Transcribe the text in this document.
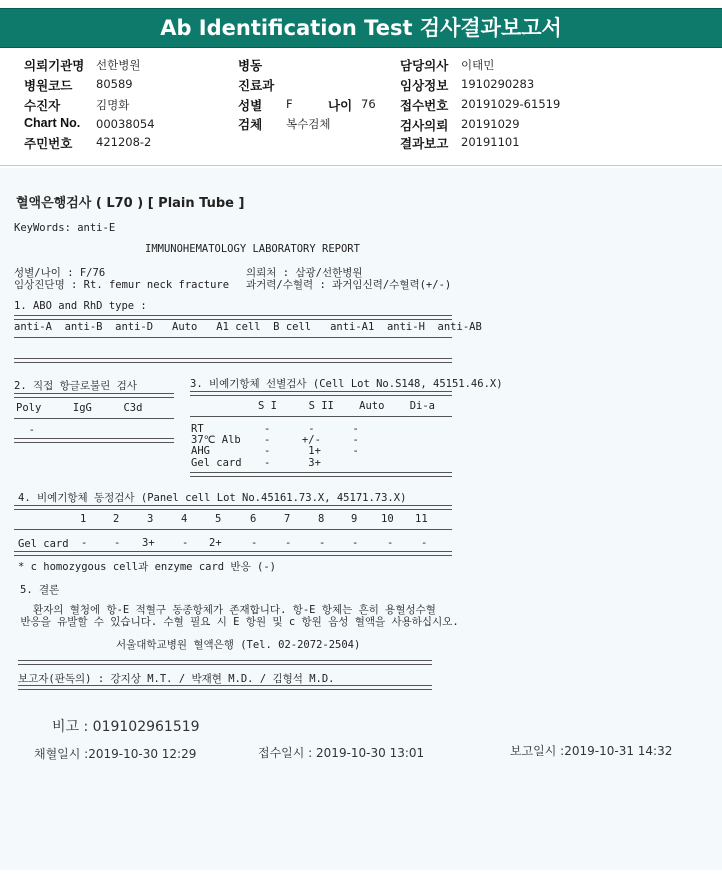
Ab Identification Test 검사결과보고서
의뢰기관명 선한병원
병원코드 80589
수진자	김명화
Chart No. 00038054
주민번호 421208-2
병동
진료과
성별 F	나이 76
검체 복수검체
담당의사 이태민
임상정보 1910290283
접수번호 20191029-61519
검사의뢰 20191029
결과보고 20191101
혈액은행검사 ( L70 ) [ Plain Tube ]
KeyWords: anti-E
IMMUNOHEMATOLOGY LABORATORY REPORT
성별/나이 : F/76
임상진단명 : Rt. femur neck fracture
의뢰처 : 삼광/선한병원
과거력/수혈력 : 과거임신력/수혈력(+/-)
1. ABO and RhD type :
anti-A  anti-B  anti-D   Auto   A1 cell  B cell   anti-A1  anti-H  anti-AB
2. 직접 항글로불린 검사
Poly     IgG     C3d
-
3. 비예기항체 선별검사 (Cell Lot No.S148, 45151.46.X)
S I     S II    Auto    Di-a
RT	-      -      -
37℃ Alb -     +/-     -
AHG	-      1+     -
Gel card -      3+
4. 비예기항체 동정검사 (Panel cell Lot No.45161.73.X, 45171.73.X)
1	2	3	4	5	6	7	8	9 10 11
Gel card -	- 3+	- 2+	-	-	-	-	-	-
* c homozygous cell과 enzyme card 반응 (-)
5. 결론
환자의 혈청에 항-E 적혈구 동종항체가 존재합니다. 항-E 항체는 흔히 용혈성수혈
반응을 유발할 수 있습니다. 수혈 필요 시 E 항원 및 c 항원 음성 혈액을 사용하십시오.
서울대학교병원 혈액은행 (Tel. 02-2072-2504)
보고자(판독의) : 강지상 M.T. / 박재현 M.D. / 김형석 M.D.
비고 : 019102961519
채혈일시 :2019-10-30 12:29	접수일시 : 2019-10-30 13:01	보고일시 :2019-10-31 14:32
